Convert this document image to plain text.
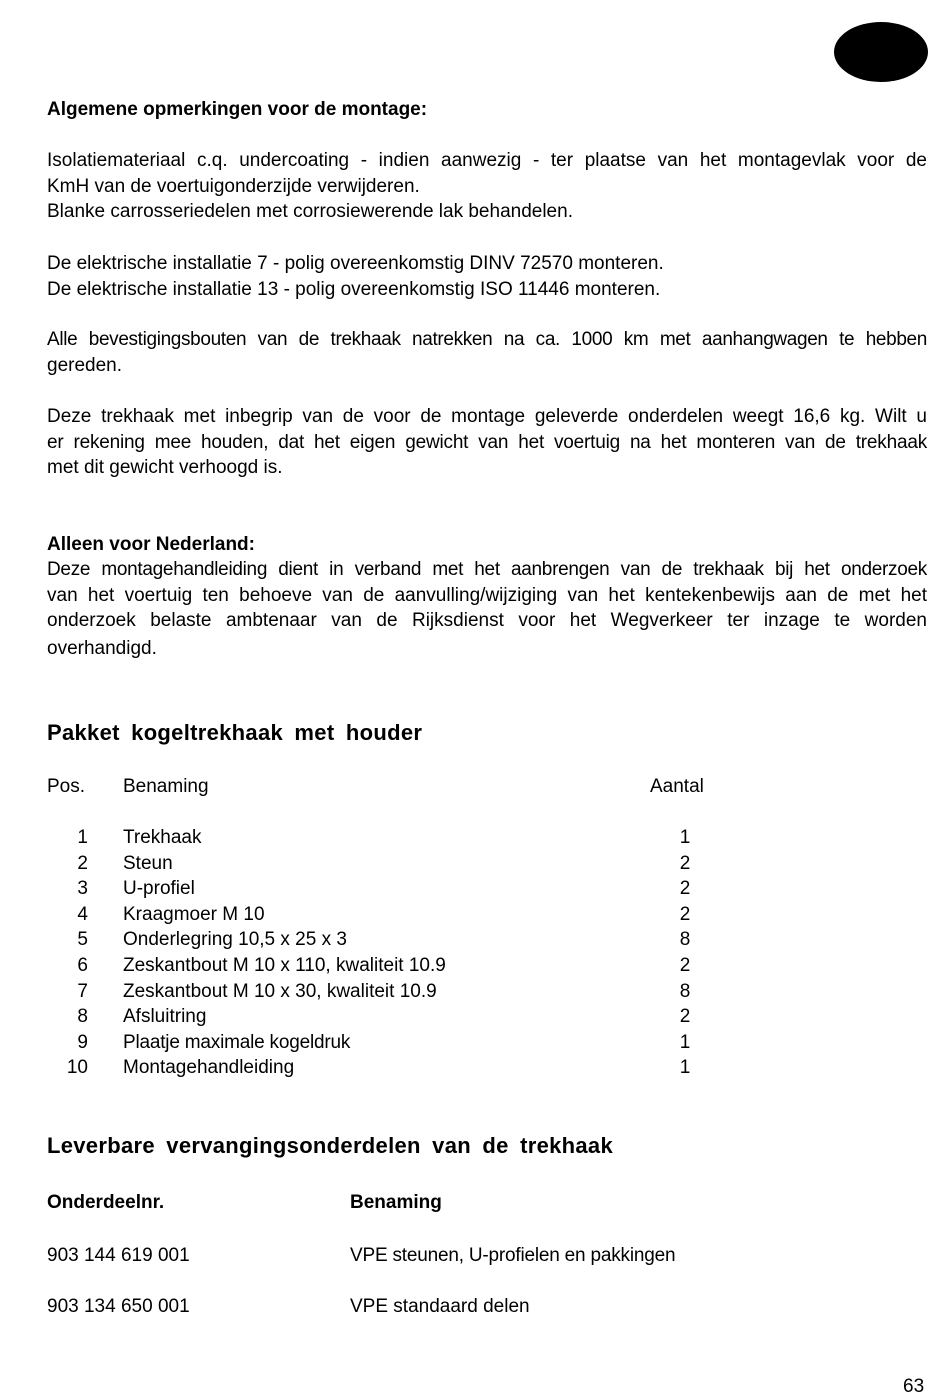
Algemene opmerkingen voor de montage:

Isolatiemateriaal c.q. undercoating - indien aanwezig - ter plaatse van het montagevlak voor de

KmH van de voertuigonderzijde verwijderen.

Blanke carrosseriedelen met corrosiewerende lak behandelen.

De elektrische installatie 7 - polig overeenkomstig DINV 72570 monteren.

De elektrische installatie 13 - polig overeenkomstig ISO 11446 monteren.

Alle bevestigingsbouten van de trekhaak natrekken na ca. 1000 km met aanhangwagen te hebben

gereden.

Deze trekhaak met inbegrip van de voor de montage geleverde onderdelen weegt 16,6 kg. Wilt u

er rekening mee houden, dat het eigen gewicht van het voertuig na het monteren van de trekhaak

met dit gewicht verhoogd is.

Alleen voor Nederland:

Deze montagehandleiding dient in verband met het aanbrengen van de trekhaak bij het onderzoek

van het voertuig ten behoeve van de aanvulling/wijziging van het kentekenbewijs aan de met het

onderzoek belaste ambtenaar van de Rijksdienst voor het Wegverkeer ter inzage te worden

overhandigd.

Pakket kogeltrekhaak met houder

Pos. Benaming	Aantal
1 Trekhaak	1
2 Steun	2
3 U-profiel	2
4 Kraagmoer M 10	2
5 Onderlegring 10,5 x 25 x 3	8
6 Zeskantbout M 10 x 110, kwaliteit 10.9	2
7 Zeskantbout M 10 x 30, kwaliteit 10.9	8
8 Afsluitring	2
9 Plaatje maximale kogeldruk	1
10 Montagehandleiding	1

Leverbare vervangingsonderdelen van de trekhaak

Onderdeelnr.	Benaming
903 144 619 001	VPE steunen, U-profielen en pakkingen
903 134 650 001	VPE standaard delen
63
